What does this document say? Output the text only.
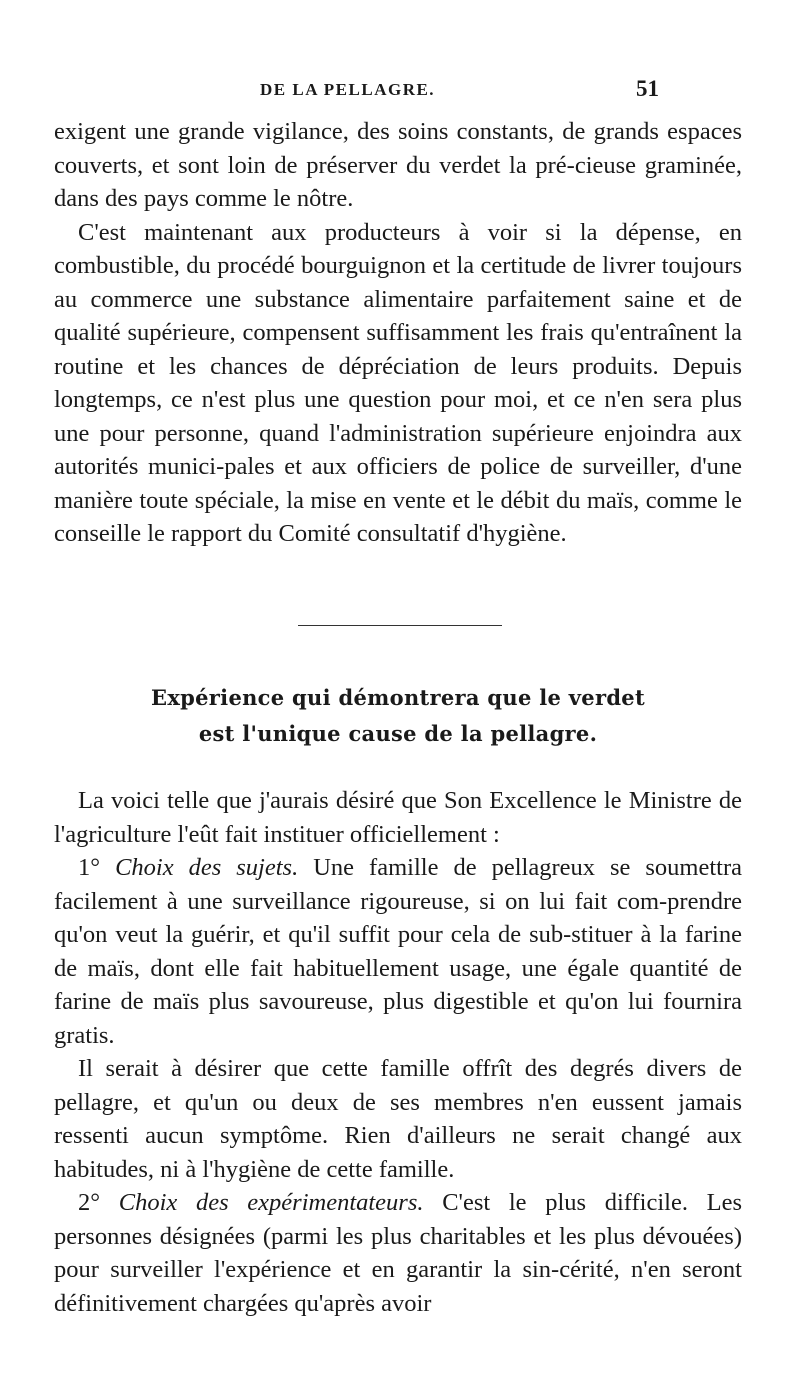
DE LA PELLAGRE.	51

exigent une grande vigilance, des soins constants, de grands espaces couverts, et sont loin de préserver du verdet la pré-cieuse graminée, dans des pays comme le nôtre.

C'est maintenant aux producteurs à voir si la dépense, en combustible, du procédé bourguignon et la certitude de livrer toujours au commerce une substance alimentaire parfaitement saine et de qualité supérieure, compensent suffisamment les frais qu'entraînent la routine et les chances de dépréciation de leurs produits. Depuis longtemps, ce n'est plus une question pour moi, et ce n'en sera plus une pour personne, quand l'administration supérieure enjoindra aux autorités munici-pales et aux officiers de police de surveiller, d'une manière toute spéciale, la mise en vente et le débit du maïs, comme le conseille le rapport du Comité consultatif d'hygiène.

Expérience qui démontrera que le verdet
est l'unique cause de la pellagre.

La voici telle que j'aurais désiré que Son Excellence le Ministre de l'agriculture l'eût fait instituer officiellement :

1° Choix des sujets. Une famille de pellagreux se soumettra facilement à une surveillance rigoureuse, si on lui fait com-prendre qu'on veut la guérir, et qu'il suffit pour cela de sub-stituer à la farine de maïs, dont elle fait habituellement usage, une égale quantité de farine de maïs plus savoureuse, plus digestible et qu'on lui fournira gratis.

Il serait à désirer que cette famille offrît des degrés divers de pellagre, et qu'un ou deux de ses membres n'en eussent jamais ressenti aucun symptôme. Rien d'ailleurs ne serait changé aux habitudes, ni à l'hygiène de cette famille.

2° Choix des expérimentateurs. C'est le plus difficile. Les personnes désignées (parmi les plus charitables et les plus dévouées) pour surveiller l'expérience et en garantir la sin-cérité, n'en seront définitivement chargées qu'après avoir
